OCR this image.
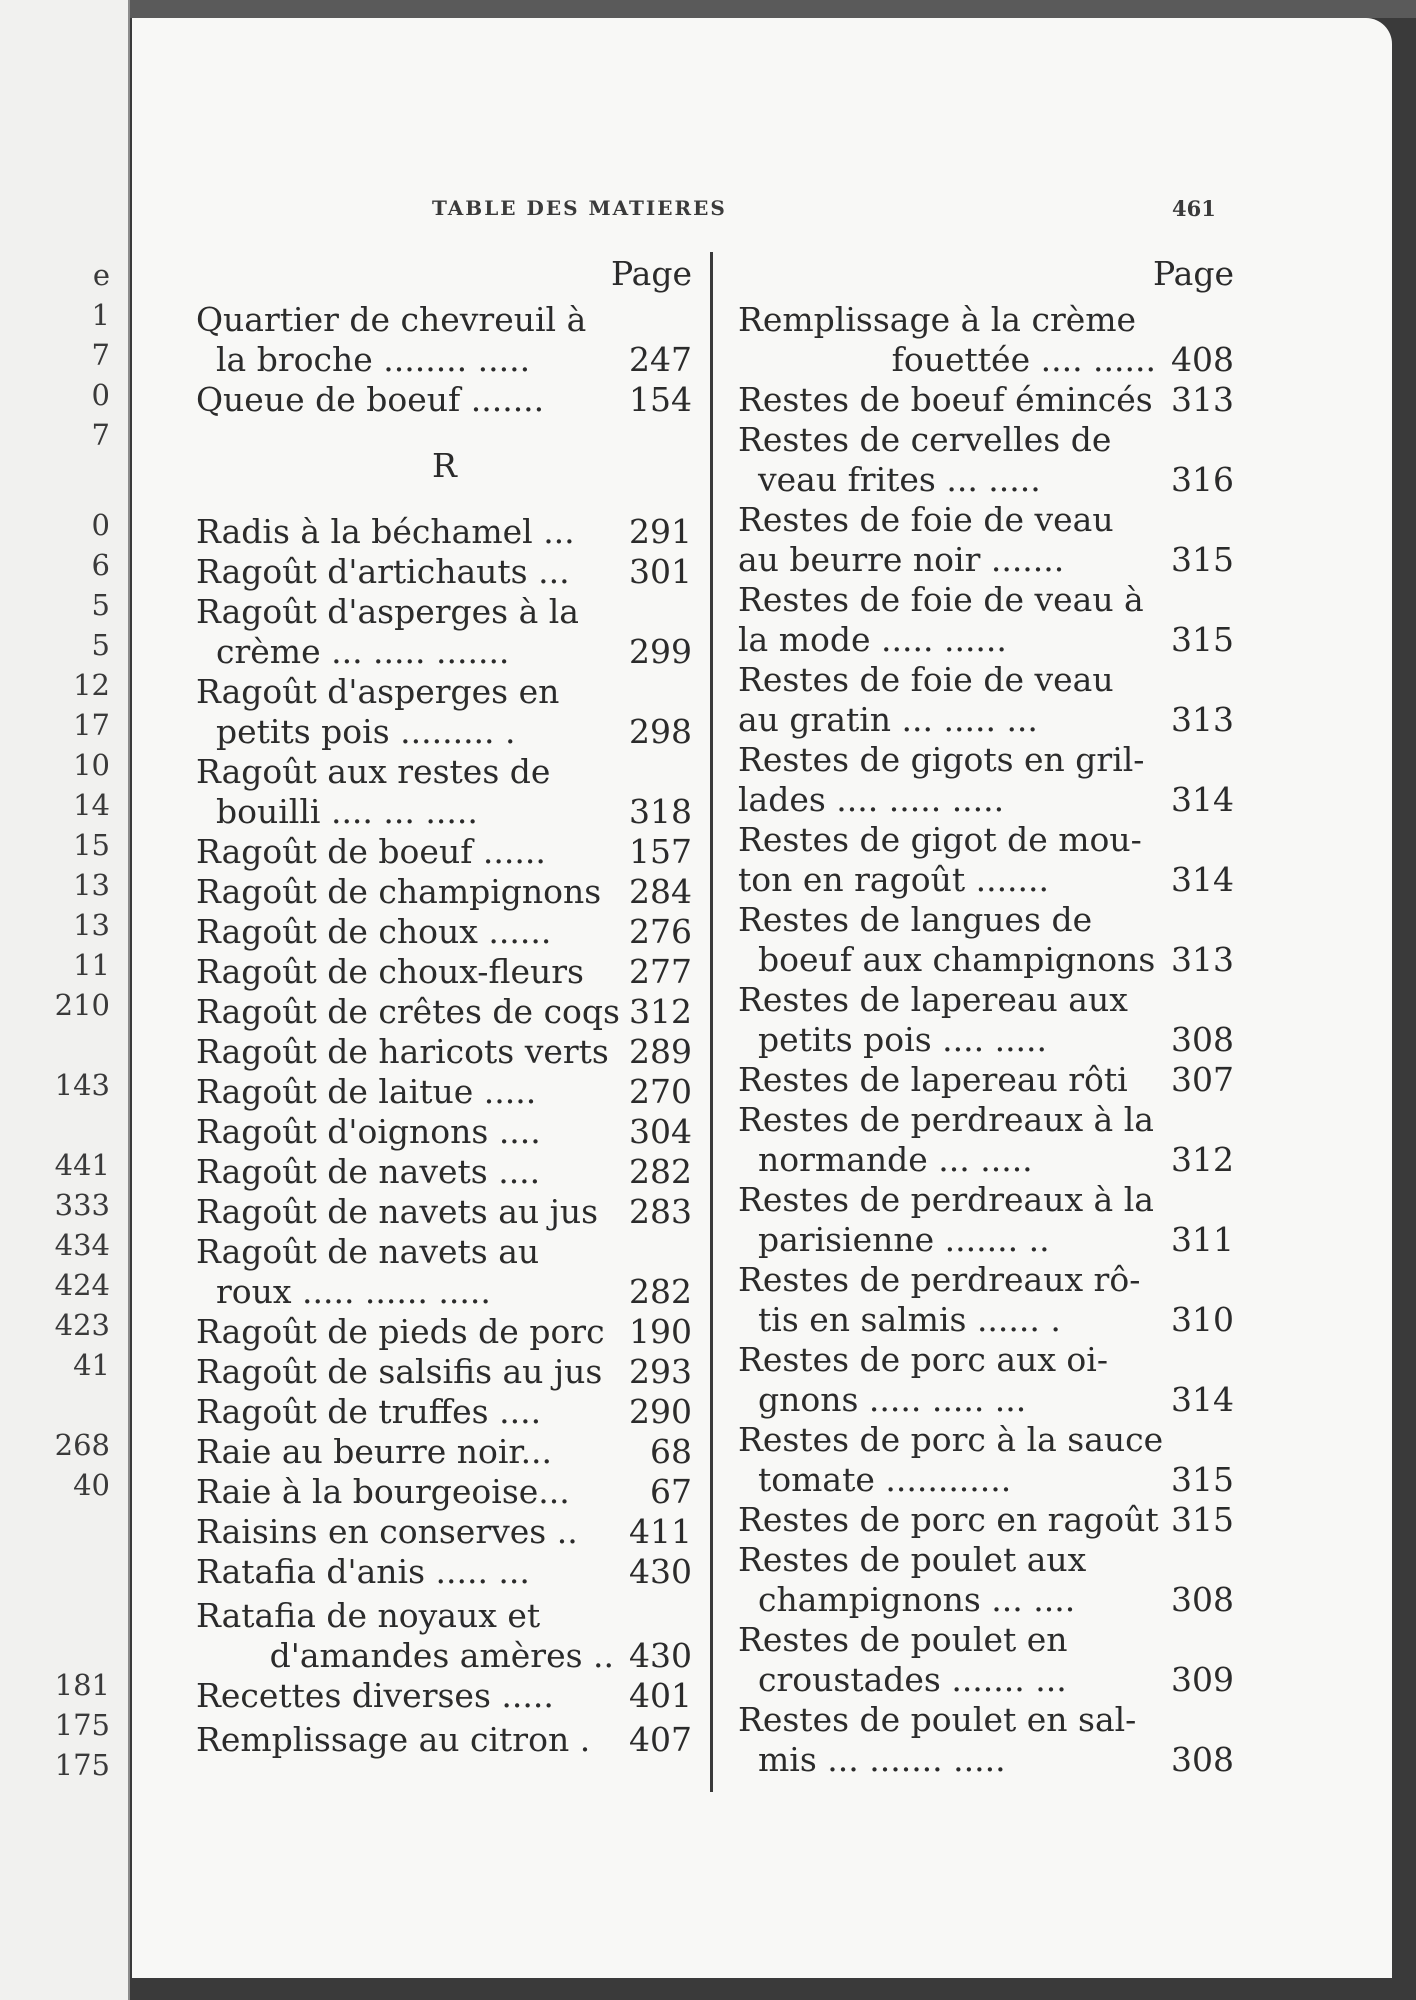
e
1
7
0
7
0
6
5
5
12
17
10
14
15
13
13
11
210
143
441
333
434
424
423
41
268
40
181
175
175
TABLE DES MATIERES	461
Page
Quartier de chevreuil à
la broche ........ .....	247
Queue de boeuf .......	154
Radis à la béchamel ... 291
Ragoût d'artichauts ... 301
Ragoût d'asperges à la
crème ... ..... .......	299
Ragoût d'asperges en
petits pois ......... .	298
Ragoût aux restes de
bouilli .... ... .....	318
Ragoût de boeuf ......	157
Ragoût de champignons 284
Ragoût de choux ...... 276
Ragoût de choux-fleurs 277
Ragoût de crêtes de coqs 312
Ragoût de haricots verts 289
Ragoût de laitue .....	270
Ragoût d'oignons ....	304
Ragoût de navets ....	282
Ragoût de navets au jus 283
Ragoût de navets au
roux ..... ...... .....	282
Ragoût de pieds de porc 190
Ragoût de salsifis au jus 293
Ragoût de truffes ....	290
Raie au beurre noir...	68
Raie à la bourgeoise... 67
Raisins en conserves .. 411
Ratafia d'anis ..... ...	430
Ratafia de noyaux et
d'amandes amères .. 430
Recettes diverses ..... 401
Remplissage au citron . 407
R
Page
Remplissage à la crème
fouettée .... ...... 408
Restes de boeuf émincés 313
Restes de cervelles de
veau frites ... .....	316
Restes de foie de veau
au beurre noir .......	315
Restes de foie de veau à
la mode ..... ......	315
Restes de foie de veau
au gratin ... ..... ...	313
Restes de gigots en gril-
lades .... ..... .....	314
Restes de gigot de mou-
ton en ragoût .......	314
Restes de langues de
boeuf aux champignons 313
Restes de lapereau aux
petits pois .... .....	308
Restes de lapereau rôti 307
Restes de perdreaux à la
normande ... .....	312
Restes de perdreaux à la
parisienne ....... ..	311
Restes de perdreaux rô-
tis en salmis ...... .	310
Restes de porc aux oi-
gnons ..... ..... ...	314
Restes de porc à la sauce
tomate ............	315
Restes de porc en ragoût 315
Restes de poulet aux
champignons ... ....	308
Restes de poulet en
croustades ....... ...	309
Restes de poulet en sal-
mis ... ....... .....	308
